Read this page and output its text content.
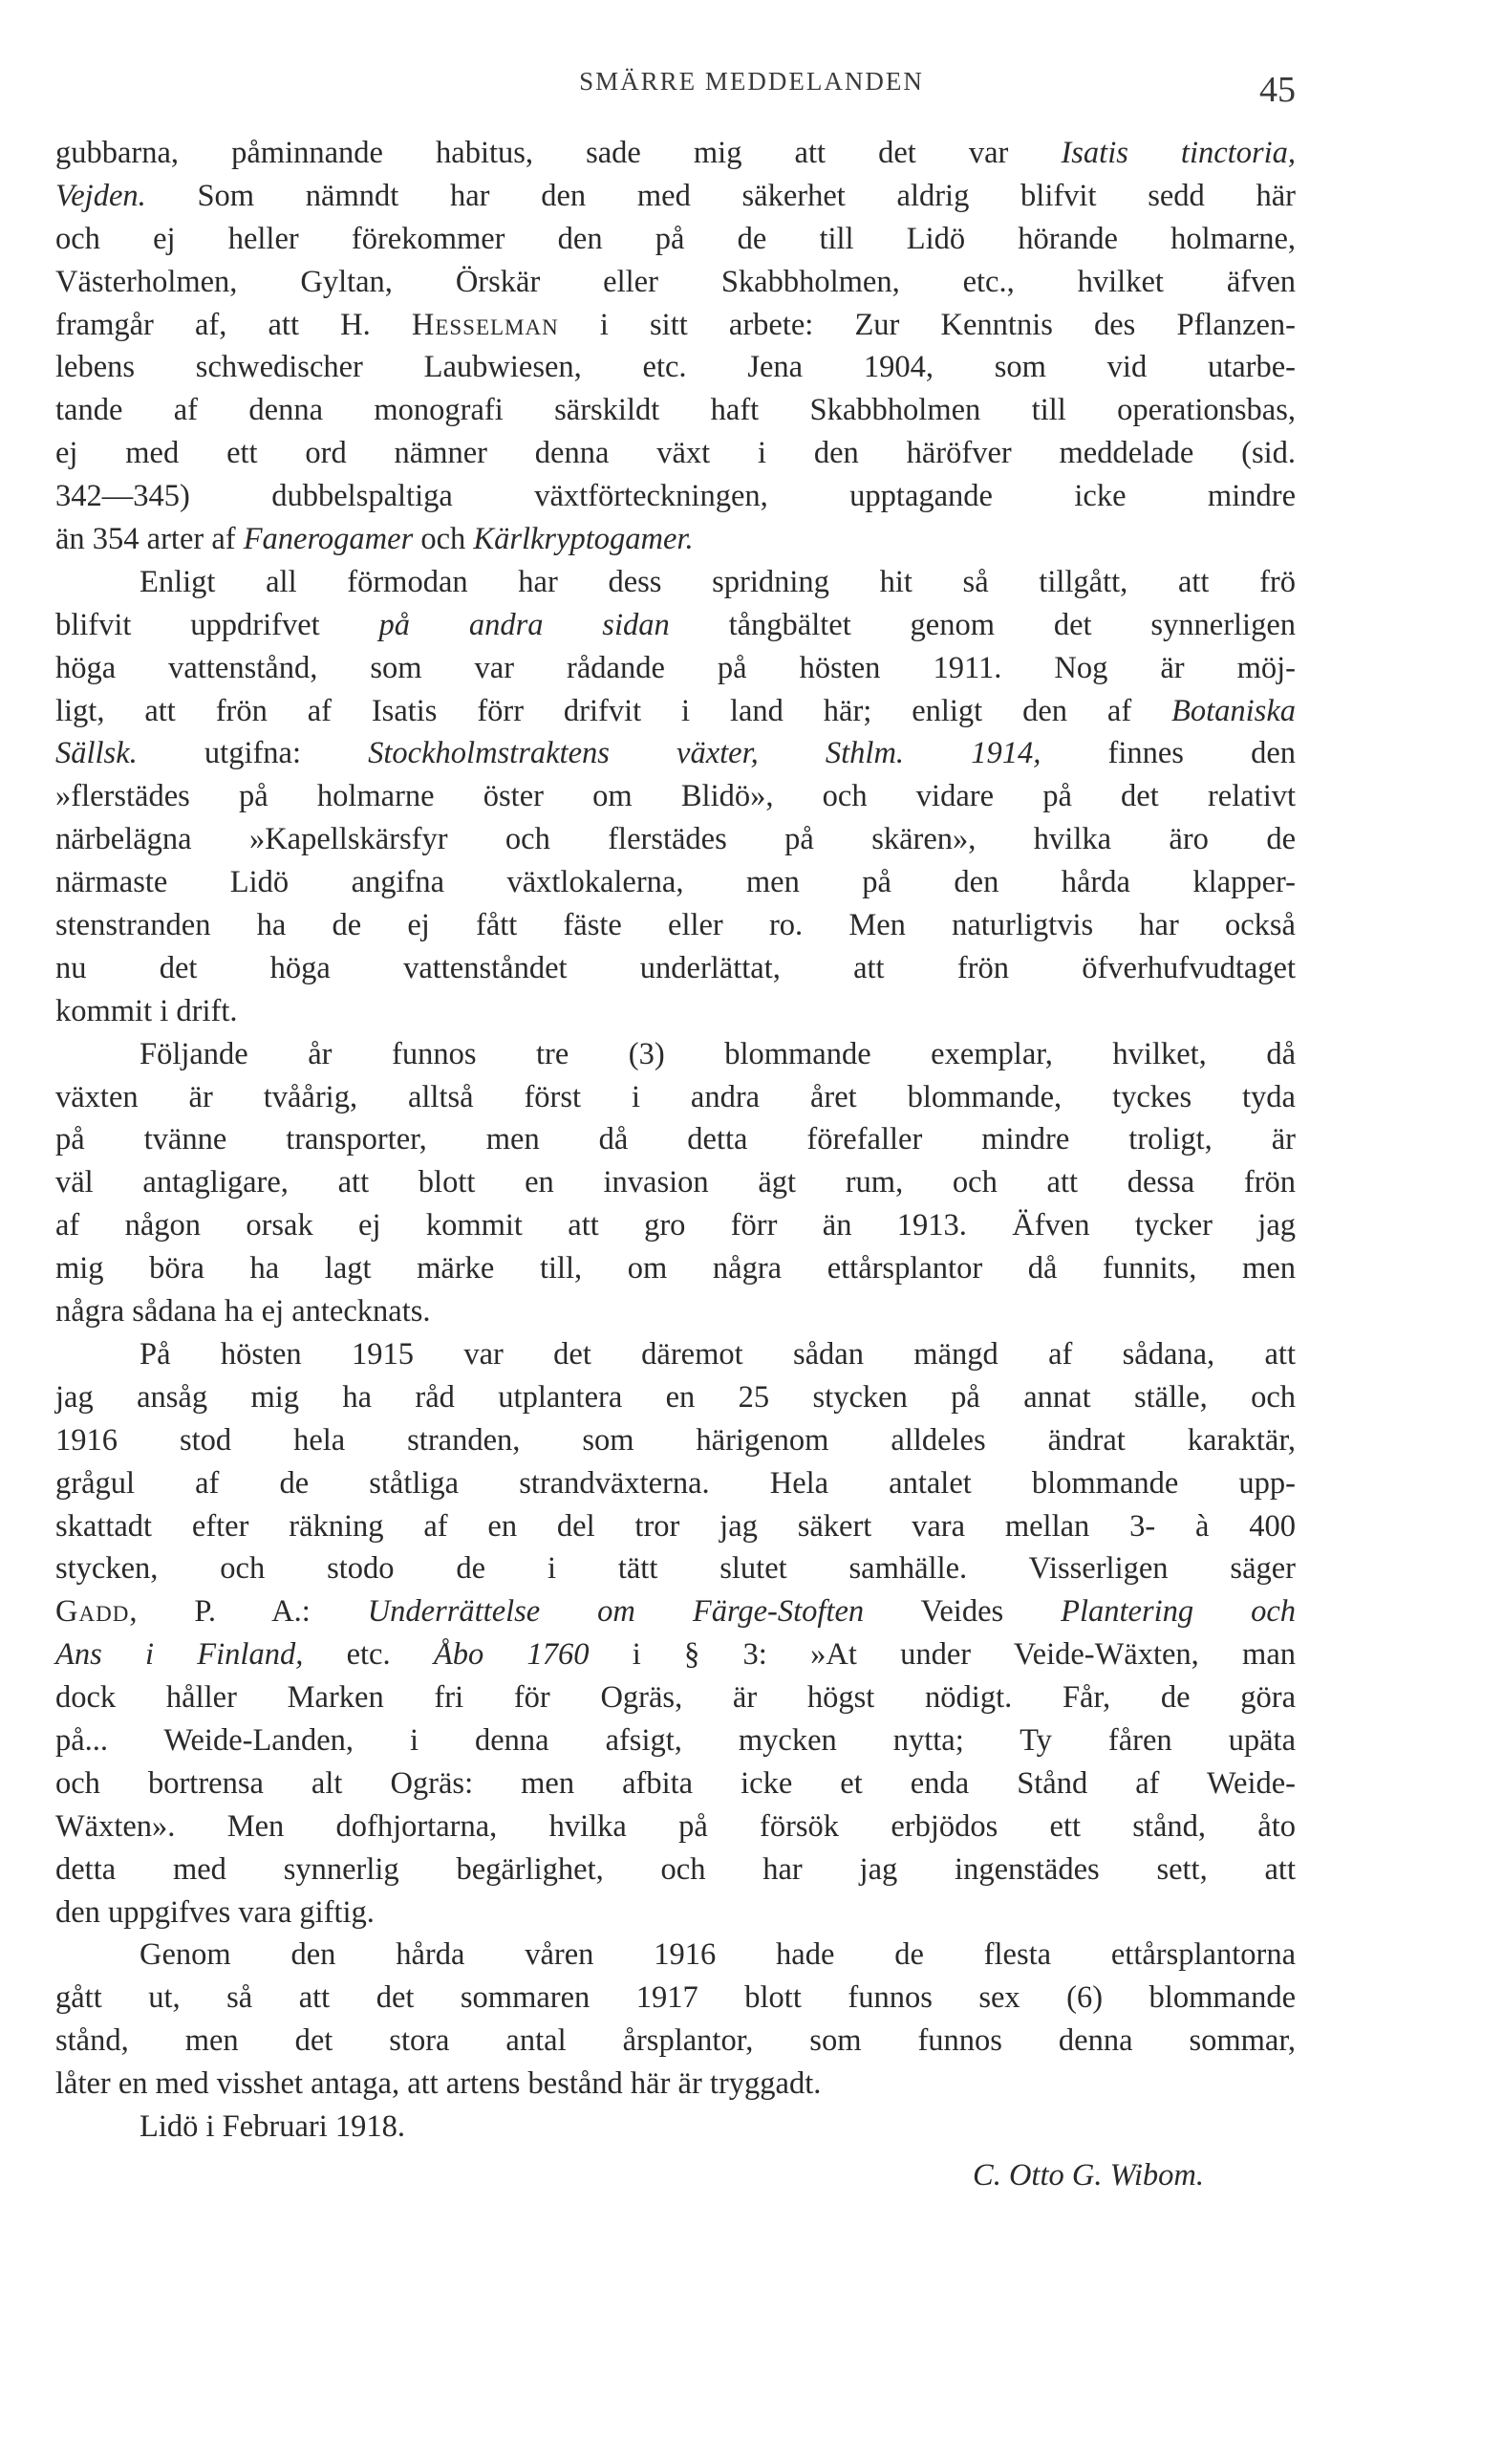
SMÄRRE MEDDELANDEN	45
gubbarna, påminnande habitus, sade mig att det var Isatis tinctoria,
Vejden. Som nämndt har den med säkerhet aldrig blifvit sedd här
och ej heller förekommer den på de till Lidö hörande holmarne,
Västerholmen, Gyltan, Örskär eller Skabbholmen, etc., hvilket äfven
framgår af, att H. Hesselman i sitt arbete: Zur Kenntnis des Pflanzen-
lebens schwedischer Laubwiesen, etc. Jena 1904, som vid utarbe-
tande af denna monografi särskildt haft Skabbholmen till operationsbas,
ej med ett ord nämner denna växt i den häröfver meddelade (sid.
342—345) dubbelspaltiga växtförteckningen, upptagande icke mindre
än 354 arter af Fanerogamer och Kärlkryptogamer.
Enligt all förmodan har dess spridning hit så tillgått, att frö
blifvit uppdrifvet på andra sidan tångbältet genom det synnerligen
höga vattenstånd, som var rådande på hösten 1911. Nog är möj-
ligt, att frön af Isatis förr drifvit i land här; enligt den af Botaniska
Sällsk. utgifna: Stockholmstraktens växter, Sthlm. 1914, finnes den
»flerstädes på holmarne öster om Blidö», och vidare på det relativt
närbelägna »Kapellskärsfyr och flerstädes på skären», hvilka äro de
närmaste Lidö angifna växtlokalerna, men på den hårda klapper-
stenstranden ha de ej fått fäste eller ro. Men naturligtvis har också
nu det höga vattenståndet underlättat, att frön öfverhufvudtaget
kommit i drift.
Följande år funnos tre (3) blommande exemplar, hvilket, då
växten är tvåårig, alltså först i andra året blommande, tyckes tyda
på tvänne transporter, men då detta förefaller mindre troligt, är
väl antagligare, att blott en invasion ägt rum, och att dessa frön
af någon orsak ej kommit att gro förr än 1913. Äfven tycker jag
mig böra ha lagt märke till, om några ettårsplantor då funnits, men
några sådana ha ej antecknats.
På hösten 1915 var det däremot sådan mängd af sådana, att
jag ansåg mig ha råd utplantera en 25 stycken på annat ställe, och
1916 stod hela stranden, som härigenom alldeles ändrat karaktär,
grågul af de ståtliga strandväxterna. Hela antalet blommande upp-
skattadt efter räkning af en del tror jag säkert vara mellan 3- à 400
stycken, och stodo de i tätt slutet samhälle. Visserligen säger
Gadd, P. A.: Underrättelse om Färge-Stoften Veides Plantering och
Ans i Finland, etc. Åbo 1760 i § 3: »At under Veide-Wäxten, man
dock håller Marken fri för Ogräs, är högst nödigt. Får, de göra
på... Weide-Landen, i denna afsigt, mycken nytta; Ty fåren upäta
och bortrensa alt Ogräs: men afbita icke et enda Stånd af Weide-
Wäxten». Men dofhjortarna, hvilka på försök erbjödos ett stånd, åto
detta med synnerlig begärlighet, och har jag ingenstädes sett, att
den uppgifves vara giftig.
Genom den hårda våren 1916 hade de flesta ettårsplantorna
gått ut, så att det sommaren 1917 blott funnos sex (6) blommande
stånd, men det stora antal årsplantor, som funnos denna sommar,
låter en med visshet antaga, att artens bestånd här är tryggadt.
Lidö i Februari 1918.
C. Otto G. Wibom.
